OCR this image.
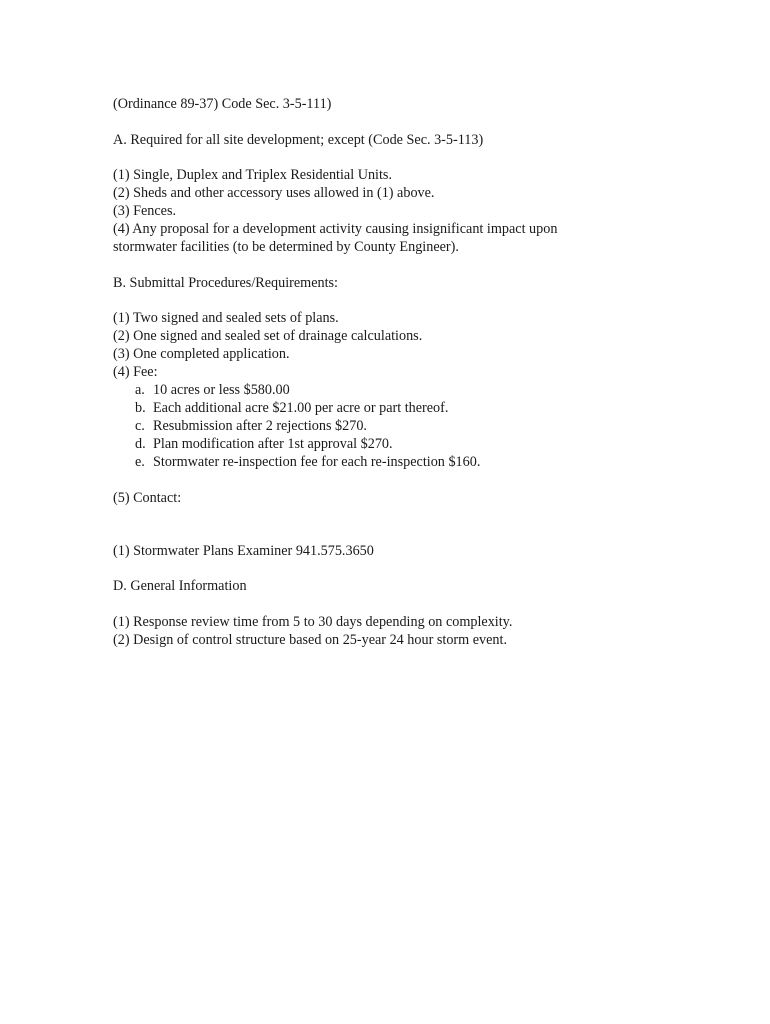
(Ordinance 89-37) Code Sec. 3-5-111)

A. Required for all site development; except (Code Sec. 3-5-113)

(1) Single, Duplex and Triplex Residential Units.

(2) Sheds and other accessory uses allowed in (1) above.

(3) Fences.

(4) Any proposal for a development activity causing insignificant impact upon

stormwater facilities (to be determined by County Engineer).

B. Submittal Procedures/Requirements:

(1) Two signed and sealed sets of plans.

(2) One signed and sealed set of drainage calculations.

(3) One completed application.

(4) Fee:

a. 10 acres or less $580.00

b. Each additional acre $21.00 per acre or part thereof.

c. Resubmission after 2 rejections $270.

d. Plan modification after 1st approval $270.

e. Stormwater re-inspection fee for each re-inspection $160.

(5) Contact:

(1) Stormwater Plans Examiner 941.575.3650

D. General Information

(1) Response review time from 5 to 30 days depending on complexity.

(2) Design of control structure based on 25-year 24 hour storm event.
